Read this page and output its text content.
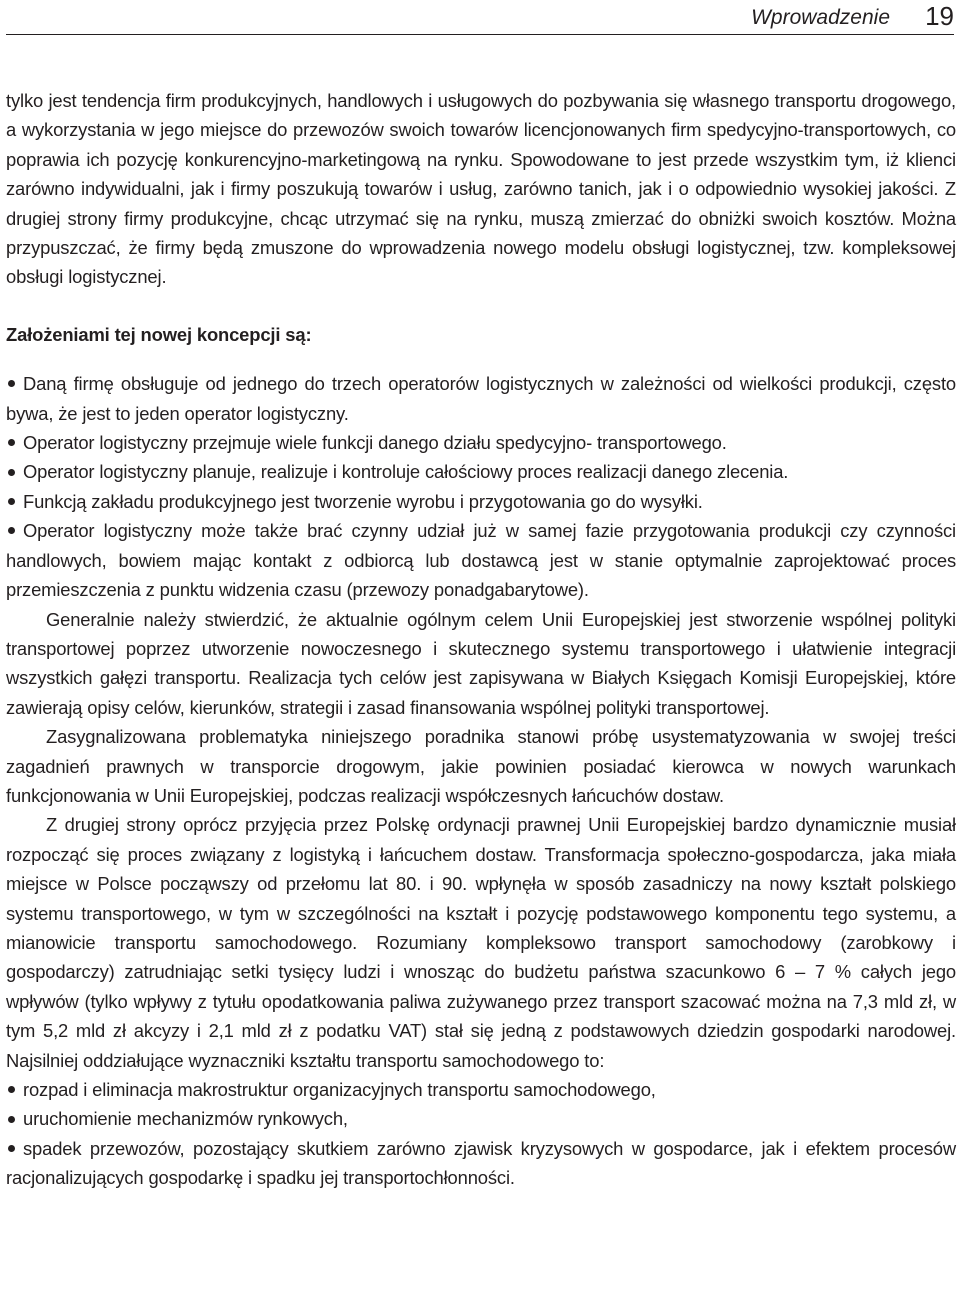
Wprowadzenie 19

tylko jest tendencja firm produkcyjnych, handlowych i usługowych do pozbywania się własnego transportu drogowego, a wykorzystania w jego miejsce do przewozów swoich towarów licencjonowanych firm spedycyjno-transportowych, co poprawia ich pozycję konkurencyjno-marketingową na rynku. Spowodowane to jest przede wszystkim tym, iż klienci zarówno indywidualni, jak i firmy poszukują towarów i usług, zarówno tanich, jak i o odpowiednio wysokiej jakości. Z drugiej strony firmy produkcyjne, chcąc utrzymać się na rynku, muszą zmierzać do obniżki swoich kosztów. Można przypuszczać, że firmy będą zmuszone do wprowadzenia nowego modelu obsługi logistycznej, tzw. kompleksowej obsługi logistycznej.

Założeniami tej nowej koncepcji są:

Daną firmę obsługuje od jednego do trzech operatorów logistycznych w zależności od wielkości produkcji, często bywa, że jest to jeden operator logistyczny.
Operator logistyczny przejmuje wiele funkcji danego działu spedycyjno- transportowego.
Operator logistyczny planuje, realizuje i kontroluje całościowy proces realizacji danego zlecenia.
Funkcją zakładu produkcyjnego jest tworzenie wyrobu i przygotowania go do wysyłki.
Operator logistyczny może także brać czynny udział już w samej fazie przygotowania produkcji czy czynności handlowych, bowiem mając kontakt z odbiorcą lub dostawcą jest w stanie optymalnie zaprojektować proces przemieszczenia z punktu widzenia czasu (przewozy ponadgabarytowe).

Generalnie należy stwierdzić, że aktualnie ogólnym celem Unii Europejskiej jest stworzenie wspólnej polityki transportowej poprzez utworzenie nowoczesnego i skutecznego systemu transportowego i ułatwienie integracji wszystkich gałęzi transportu. Realizacja tych celów jest zapisywana w Białych Księgach Komisji Europejskiej, które zawierają opisy celów, kierunków, strategii i zasad finansowania wspólnej polityki transportowej.

Zasygnalizowana problematyka niniejszego poradnika stanowi próbę usystematyzowania w swojej treści zagadnień prawnych w transporcie drogowym, jakie powinien posiadać kierowca w nowych warunkach funkcjonowania w Unii Europejskiej, podczas realizacji współczesnych łańcuchów dostaw.

Z drugiej strony oprócz przyjęcia przez Polskę ordynacji prawnej Unii Europejskiej bardzo dynamicznie musiał rozpocząć się proces związany z logistyką i łańcuchem dostaw. Transformacja społeczno-gospodarcza, jaka miała miejsce w Polsce począwszy od przełomu lat 80. i 90. wpłynęła w sposób zasadniczy na nowy kształt polskiego systemu transportowego, w tym w szczególności na kształt i pozycję podstawowego komponentu tego systemu, a mianowicie transportu samochodowego. Rozumiany kompleksowo transport samochodowy (zarobkowy i gospodarczy) zatrudniając setki tysięcy ludzi i wnosząc do budżetu państwa szacunkowo 6 – 7 % całych jego wpływów (tylko wpływy z tytułu opodatkowania paliwa zużywanego przez transport szacować można na 7,3 mld zł, w tym 5,2 mld zł akcyzy i 2,1 mld zł z podatku VAT) stał się jedną z podstawowych dziedzin gospodarki narodowej. Najsilniej oddziałujące wyznaczniki kształtu transportu samochodowego to:

rozpad i eliminacja makrostruktur organizacyjnych transportu samochodowego,
uruchomienie mechanizmów rynkowych,
spadek przewozów, pozostający skutkiem zarówno zjawisk kryzysowych w gospodarce, jak i efektem procesów racjonalizujących gospodarkę i spadku jej transportochłonności.
